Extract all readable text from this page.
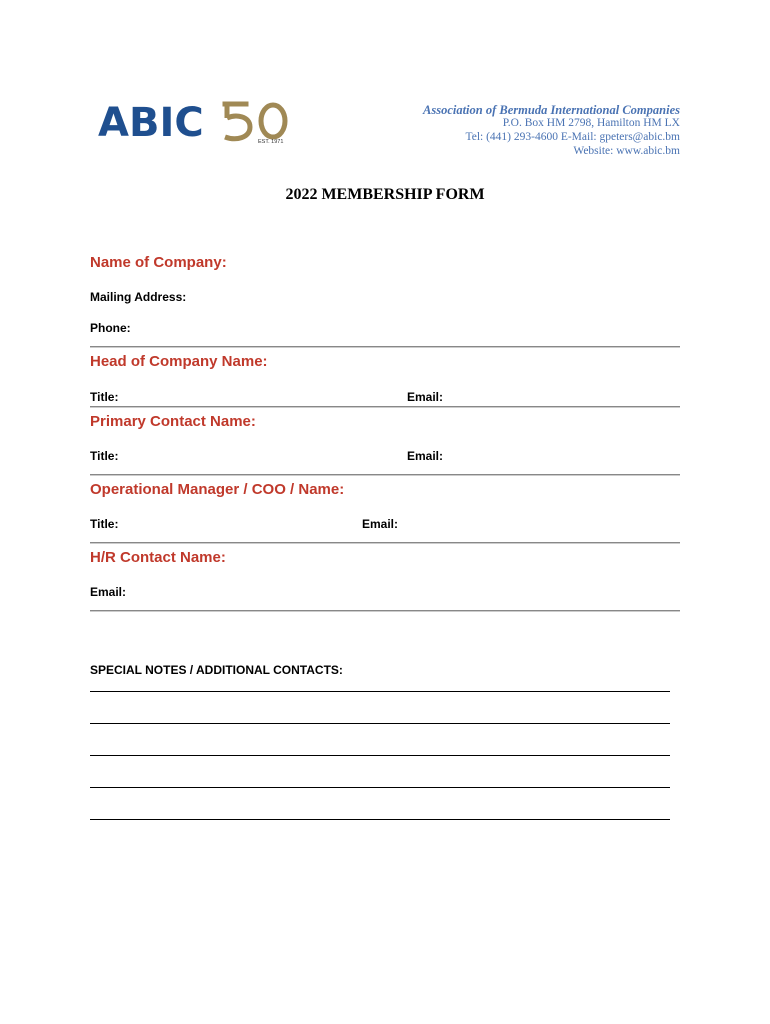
ABIC	EST. 1971
Association of Bermuda International Companies
P.O. Box HM 2798, Hamilton HM LX
Tel: (441) 293-4600 E-Mail: gpeters@abic.bm
Website: www.abic.bm
2022 MEMBERSHIP FORM
Name of Company:
Mailing Address:
Phone:
Head of Company Name:
Title:	Email:
Primary Contact Name:
Title:	Email:
Operational Manager / COO / Name:
Title:	Email:
H/R Contact Name:
Email:
SPECIAL NOTES / ADDITIONAL CONTACTS:
